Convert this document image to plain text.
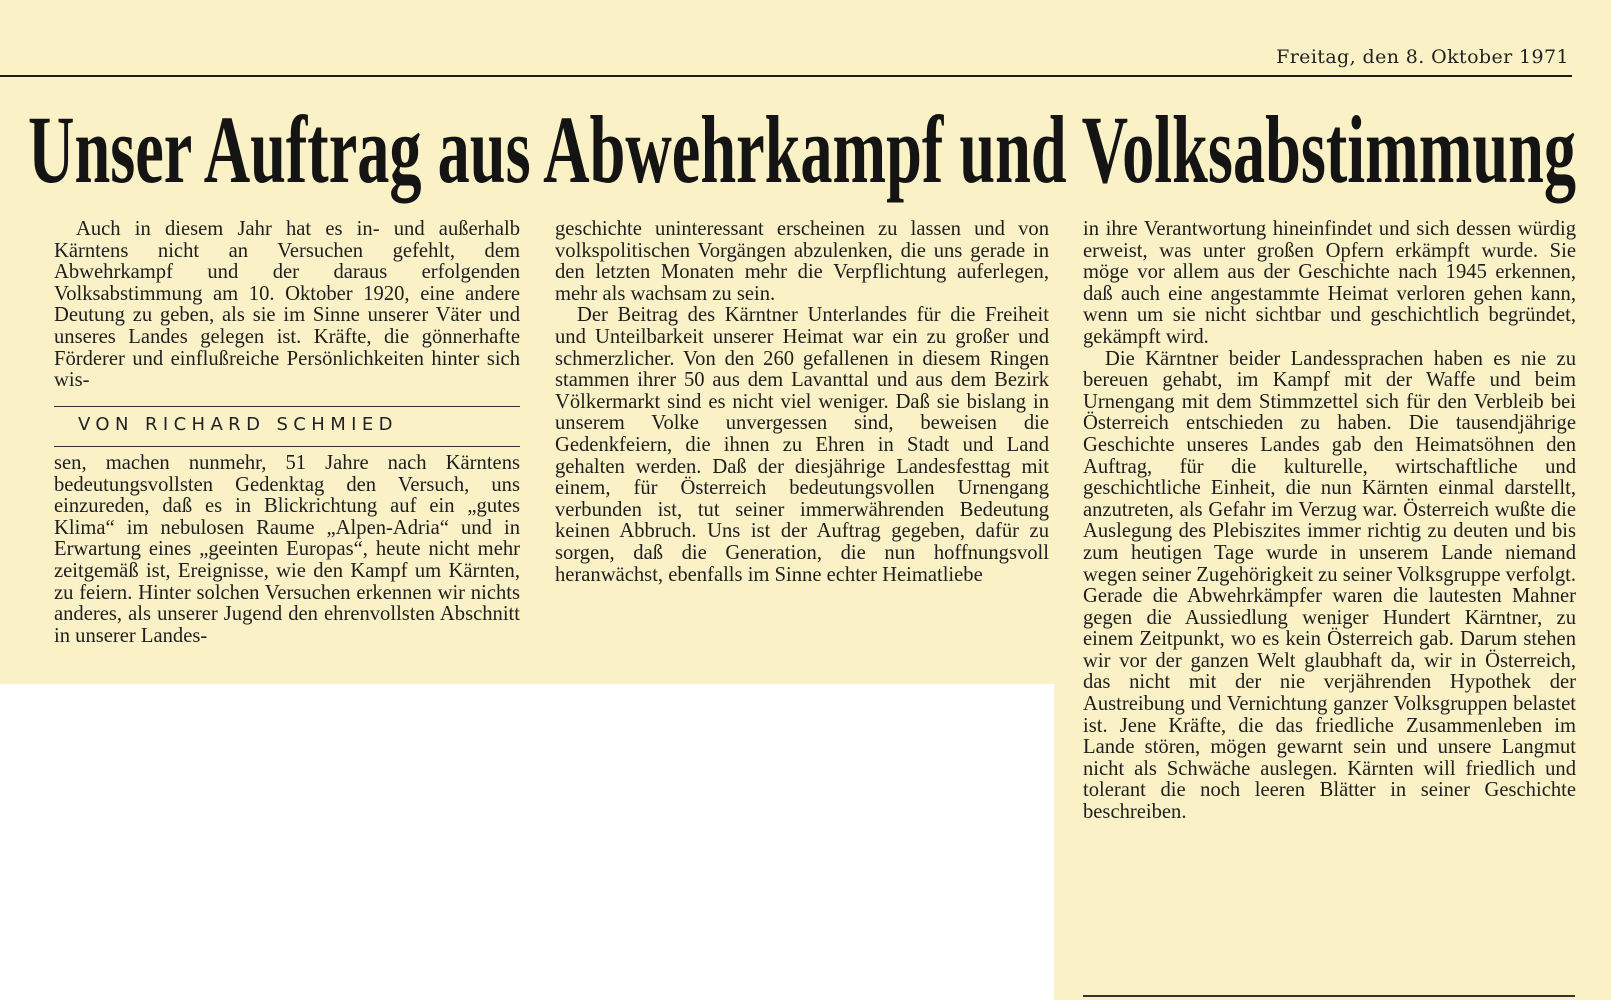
Freitag, den 8. Oktober 1971
Unser Auftrag aus Abwehrkampf und Volksabstimmung

Auch in diesem Jahr hat es in- und außerhalb Kärntens nicht an Versuchen gefehlt, dem Abwehrkampf und der daraus erfolgenden Volksabstimmung am 10. Oktober 1920, eine andere Deutung zu geben, als sie im Sinne unserer Väter und unseres Landes gelegen ist. Kräfte, die gönnerhafte Förderer und einflußreiche Persönlichkeiten hinter sich wis-

VON RICHARD SCHMIED

sen, machen nunmehr, 51 Jahre nach Kärntens bedeutungsvollsten Gedenktag den Versuch, uns einzureden, daß es in Blickrichtung auf ein „gutes Klima“ im nebulosen Raume „Alpen-Adria“ und in Erwartung eines „geeinten Europas“, heute nicht mehr zeitgemäß ist, Ereignisse, wie den Kampf um Kärnten, zu feiern. Hinter solchen Versuchen erkennen wir nichts anderes, als unserer Jugend den ehrenvollsten Abschnitt in unserer Landes-

geschichte uninteressant erscheinen zu lassen und von volkspolitischen Vorgängen abzulenken, die uns gerade in den letzten Monaten mehr die Verpflichtung auferlegen, mehr als wachsam zu sein.

Der Beitrag des Kärntner Unterlandes für die Freiheit und Unteilbarkeit unserer Heimat war ein zu großer und schmerzlicher. Von den 260 gefallenen in diesem Ringen stammen ihrer 50 aus dem Lavanttal und aus dem Bezirk Völkermarkt sind es nicht viel weniger. Daß sie bislang in unserem Volke unvergessen sind, beweisen die Gedenkfeiern, die ihnen zu Ehren in Stadt und Land gehalten werden. Daß der diesjährige Landesfesttag mit einem, für Österreich bedeutungsvollen Urnengang verbunden ist, tut seiner immerwährenden Bedeutung keinen Abbruch. Uns ist der Auftrag gegeben, dafür zu sorgen, daß die Generation, die nun hoffnungsvoll heranwächst, ebenfalls im Sinne echter Heimatliebe

in ihre Verantwortung hineinfindet und sich dessen würdig erweist, was unter großen Opfern erkämpft wurde. Sie möge vor allem aus der Geschichte nach 1945 erkennen, daß auch eine angestammte Heimat verloren gehen kann, wenn um sie nicht sichtbar und geschichtlich begründet, gekämpft wird.

Die Kärntner beider Landessprachen haben es nie zu bereuen gehabt, im Kampf mit der Waffe und beim Urnengang mit dem Stimmzettel sich für den Verbleib bei Österreich entschieden zu haben. Die tausendjährige Geschichte unseres Landes gab den Heimatsöhnen den Auftrag, für die kulturelle, wirtschaftliche und geschichtliche Einheit, die nun Kärnten einmal darstellt, anzutreten, als Gefahr im Verzug war. Österreich wußte die Auslegung des Plebiszites immer richtig zu deuten und bis zum heutigen Tage wurde in unserem Lande niemand wegen seiner Zugehörigkeit zu seiner Volksgruppe verfolgt. Gerade die Abwehrkämpfer waren die lautesten Mahner gegen die Aussiedlung weniger Hundert Kärntner, zu einem Zeitpunkt, wo es kein Österreich gab. Darum stehen wir vor der ganzen Welt glaubhaft da, wir in Österreich, das nicht mit der nie verjährenden Hypothek der Austreibung und Vernichtung ganzer Volksgruppen belastet ist. Jene Kräfte, die das friedliche Zusammenleben im Lande stören, mögen gewarnt sein und unsere Langmut nicht als Schwäche auslegen. Kärnten will friedlich und tolerant die noch leeren Blätter in seiner Geschichte beschreiben.
